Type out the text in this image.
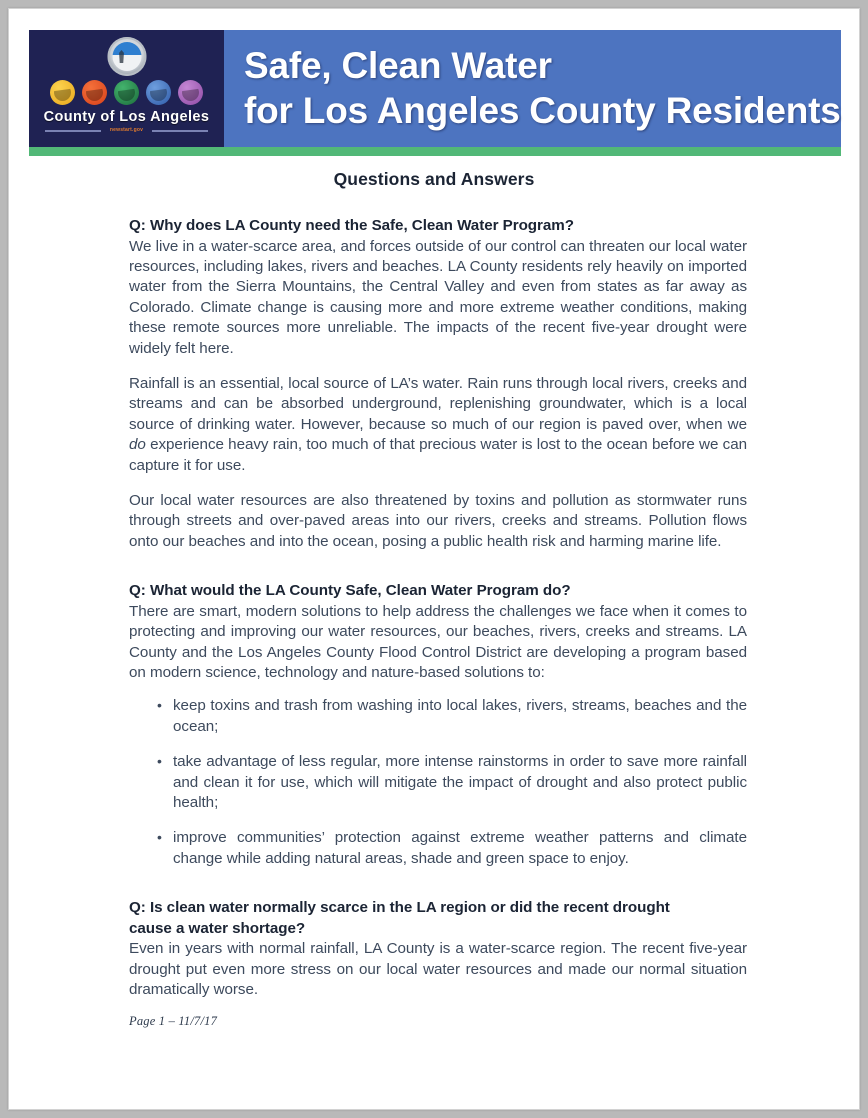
County of Los Angeles
newstart.gov
Safe, Clean Water
for Los Angeles County Residents
Questions and Answers

Q: Why does LA County need the Safe, Clean Water Program?

We live in a water-scarce area, and forces outside of our control can threaten our local water resources, including lakes, rivers and beaches. LA County residents rely heavily on imported water from the Sierra Mountains, the Central Valley and even from states as far away as Colorado. Climate change is causing more and more extreme weather conditions, making these remote sources more unreliable. The impacts of the recent five-year drought were widely felt here.

Rainfall is an essential, local source of LA’s water. Rain runs through local rivers, creeks and streams and can be absorbed underground, replenishing groundwater, which is a local source of drinking water. However, because so much of our region is paved over, when we do experience heavy rain, too much of that precious water is lost to the ocean before we can capture it for use.

Our local water resources are also threatened by toxins and pollution as stormwater runs through streets and over-paved areas into our rivers, creeks and streams. Pollution flows onto our beaches and into the ocean, posing a public health risk and harming marine life.

Q: What would the LA County Safe, Clean Water Program do?

There are smart, modern solutions to help address the challenges we face when it comes to protecting and improving our water resources, our beaches, rivers, creeks and streams. LA County and the Los Angeles County Flood Control District are developing a program based on modern science, technology and nature-based solutions to:

• keep toxins and trash from washing into local lakes, rivers, streams, beaches and the ocean;
• take advantage of less regular, more intense rainstorms in order to save more rainfall and clean it for use, which will mitigate the impact of drought and also protect public health;
• improve communities’ protection against extreme weather patterns and climate change while adding natural areas, shade and green space to enjoy.

Q: Is clean water normally scarce in the LA region or did the recent drought

cause a water shortage?

Even in years with normal rainfall, LA County is a water-scarce region. The recent five-year drought put even more stress on our local water resources and made our normal situation dramatically worse.

Page 1 – 11/7/17
